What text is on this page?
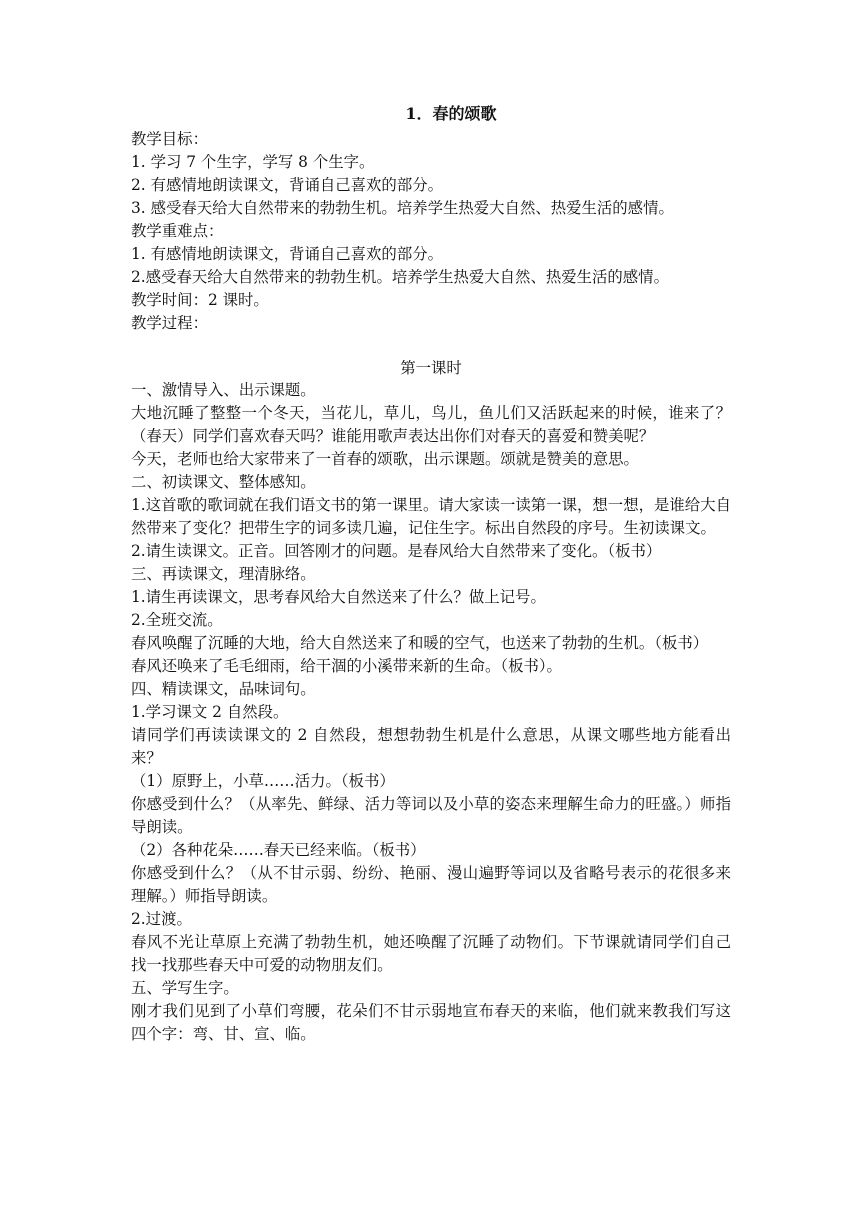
1．春的颂歌
教学目标：
1. 学习 7 个生字，学写 8 个生字。
2. 有感情地朗读课文，背诵自己喜欢的部分。
3. 感受春天给大自然带来的勃勃生机。培养学生热爱大自然、热爱生活的感情。
教学重难点：
1. 有感情地朗读课文，背诵自己喜欢的部分。
2.感受春天给大自然带来的勃勃生机。培养学生热爱大自然、热爱生活的感情。
教学时间：2 课时。
教学过程：
第一课时
一、激情导入、出示课题。
大地沉睡了整整一个冬天，当花儿，草儿，鸟儿，鱼儿们又活跃起来的时候，谁来了？（春天）同学们喜欢春天吗？谁能用歌声表达出你们对春天的喜爱和赞美呢？
今天，老师也给大家带来了一首春的颂歌，出示课题。颂就是赞美的意思。
二、初读课文、整体感知。
1.这首歌的歌词就在我们语文书的第一课里。请大家读一读第一课，想一想，是谁给大自然带来了变化？把带生字的词多读几遍，记住生字。标出自然段的序号。生初读课文。
2.请生读课文。正音。回答刚才的问题。是春风给大自然带来了变化。（板书）
三、再读课文，理清脉络。
1.请生再读课文，思考春风给大自然送来了什么？做上记号。
2.全班交流。
春风唤醒了沉睡的大地，给大自然送来了和暖的空气，也送来了勃勃的生机。（板书）
春风还唤来了毛毛细雨，给干涸的小溪带来新的生命。（板书）。
四、精读课文，品味词句。
1.学习课文 2 自然段。
请同学们再读读课文的 2 自然段，想想勃勃生机是什么意思，从课文哪些地方能看出来？
（1）原野上，小草……活力。（板书）
你感受到什么？（从率先、鲜绿、活力等词以及小草的姿态来理解生命力的旺盛。）师指导朗读。
（2）各种花朵……春天已经来临。（板书）
你感受到什么？（从不甘示弱、纷纷、艳丽、漫山遍野等词以及省略号表示的花很多来理解。）师指导朗读。
2.过渡。
春风不光让草原上充满了勃勃生机，她还唤醒了沉睡了动物们。下节课就请同学们自己找一找那些春天中可爱的动物朋友们。
五、学写生字。
刚才我们见到了小草们弯腰，花朵们不甘示弱地宣布春天的来临，他们就来教我们写这四个字：弯、甘、宣、临。
